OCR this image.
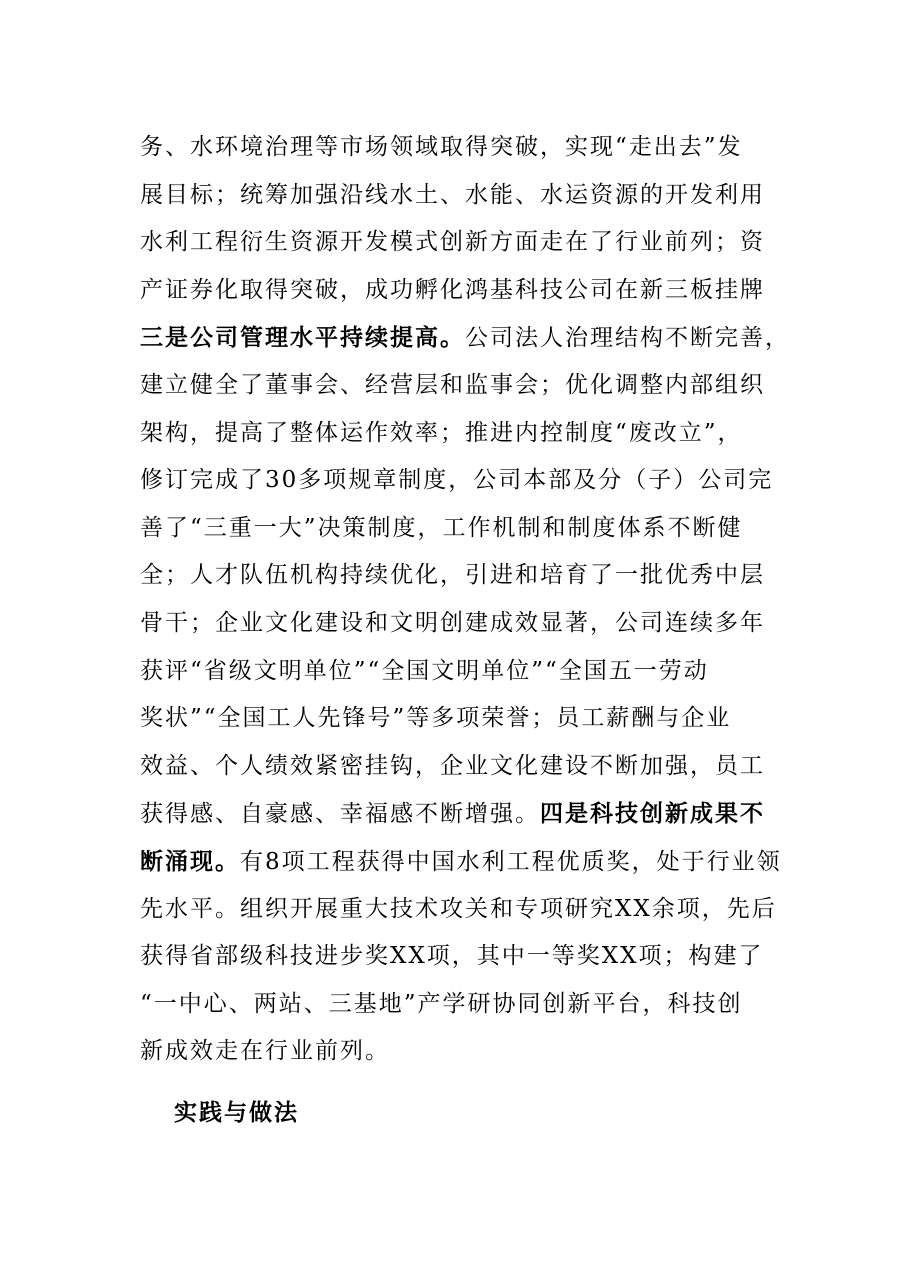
务、水环境治理等市场领域取得突破，实现“走出去”发
展目标；统筹加强沿线水土、水能、水运资源的开发利用
水利工程衍生资源开发模式创新方面走在了行业前列；资
产证券化取得突破，成功孵化鸿基科技公司在新三板挂牌
三是公司管理水平持续提高。公司法人治理结构不断完善，
建立健全了董事会、经营层和监事会；优化调整内部组织
架构，提高了整体运作效率；推进内控制度“废改立”，
修订完成了30多项规章制度，公司本部及分（子）公司完
善了“三重一大”决策制度，工作机制和制度体系不断健
全；人才队伍机构持续优化，引进和培育了一批优秀中层
骨干；企业文化建设和文明创建成效显著，公司连续多年
获评“省级文明单位”“全国文明单位”“全国五一劳动
奖状”“全国工人先锋号”等多项荣誉；员工薪酬与企业
效益、个人绩效紧密挂钩，企业文化建设不断加强，员工
获得感、自豪感、幸福感不断增强。四是科技创新成果不
断涌现。有8项工程获得中国水利工程优质奖，处于行业领
先水平。组织开展重大技术攻关和专项研究XX余项，先后
获得省部级科技进步奖XX项，其中一等奖XX项；构建了
“一中心、两站、三基地”产学研协同创新平台，科技创
新成效走在行业前列。
实践与做法
